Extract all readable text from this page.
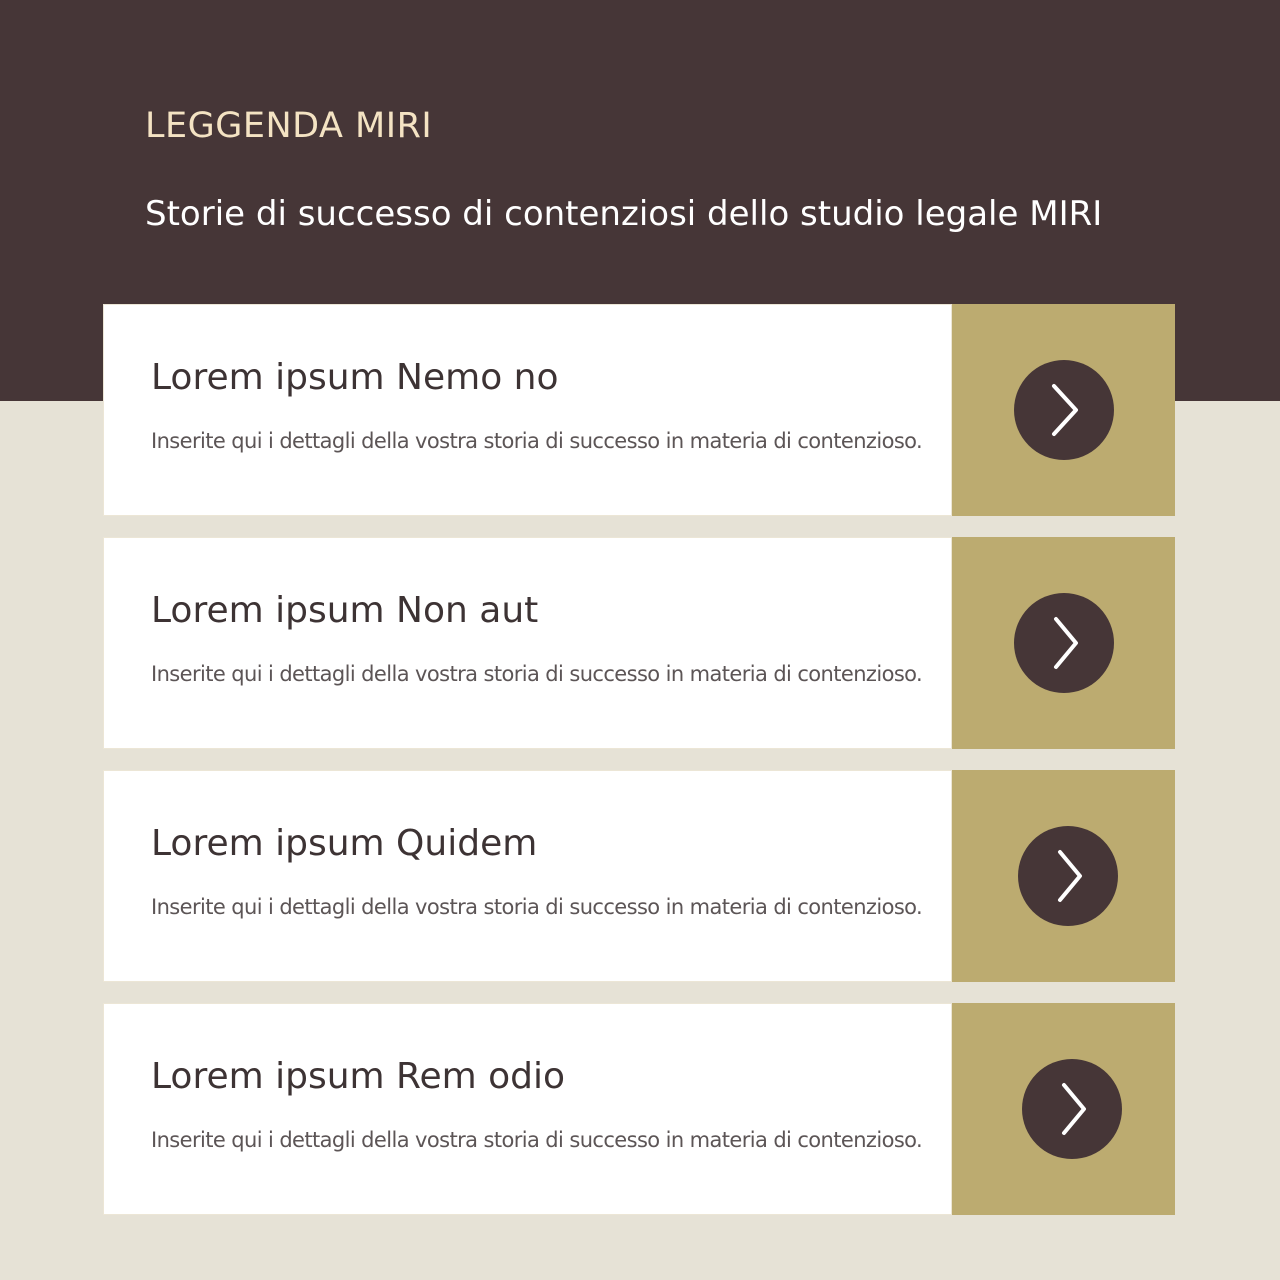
LEGGENDA MIRI
Storie di successo di contenziosi dello studio legale MIRI
Lorem ipsum Nemo no

Inserite qui i dettagli della vostra storia di successo in materia di contenzioso.

Lorem ipsum Non aut

Inserite qui i dettagli della vostra storia di successo in materia di contenzioso.

Lorem ipsum Quidem

Inserite qui i dettagli della vostra storia di successo in materia di contenzioso.

Lorem ipsum Rem odio

Inserite qui i dettagli della vostra storia di successo in materia di contenzioso.
